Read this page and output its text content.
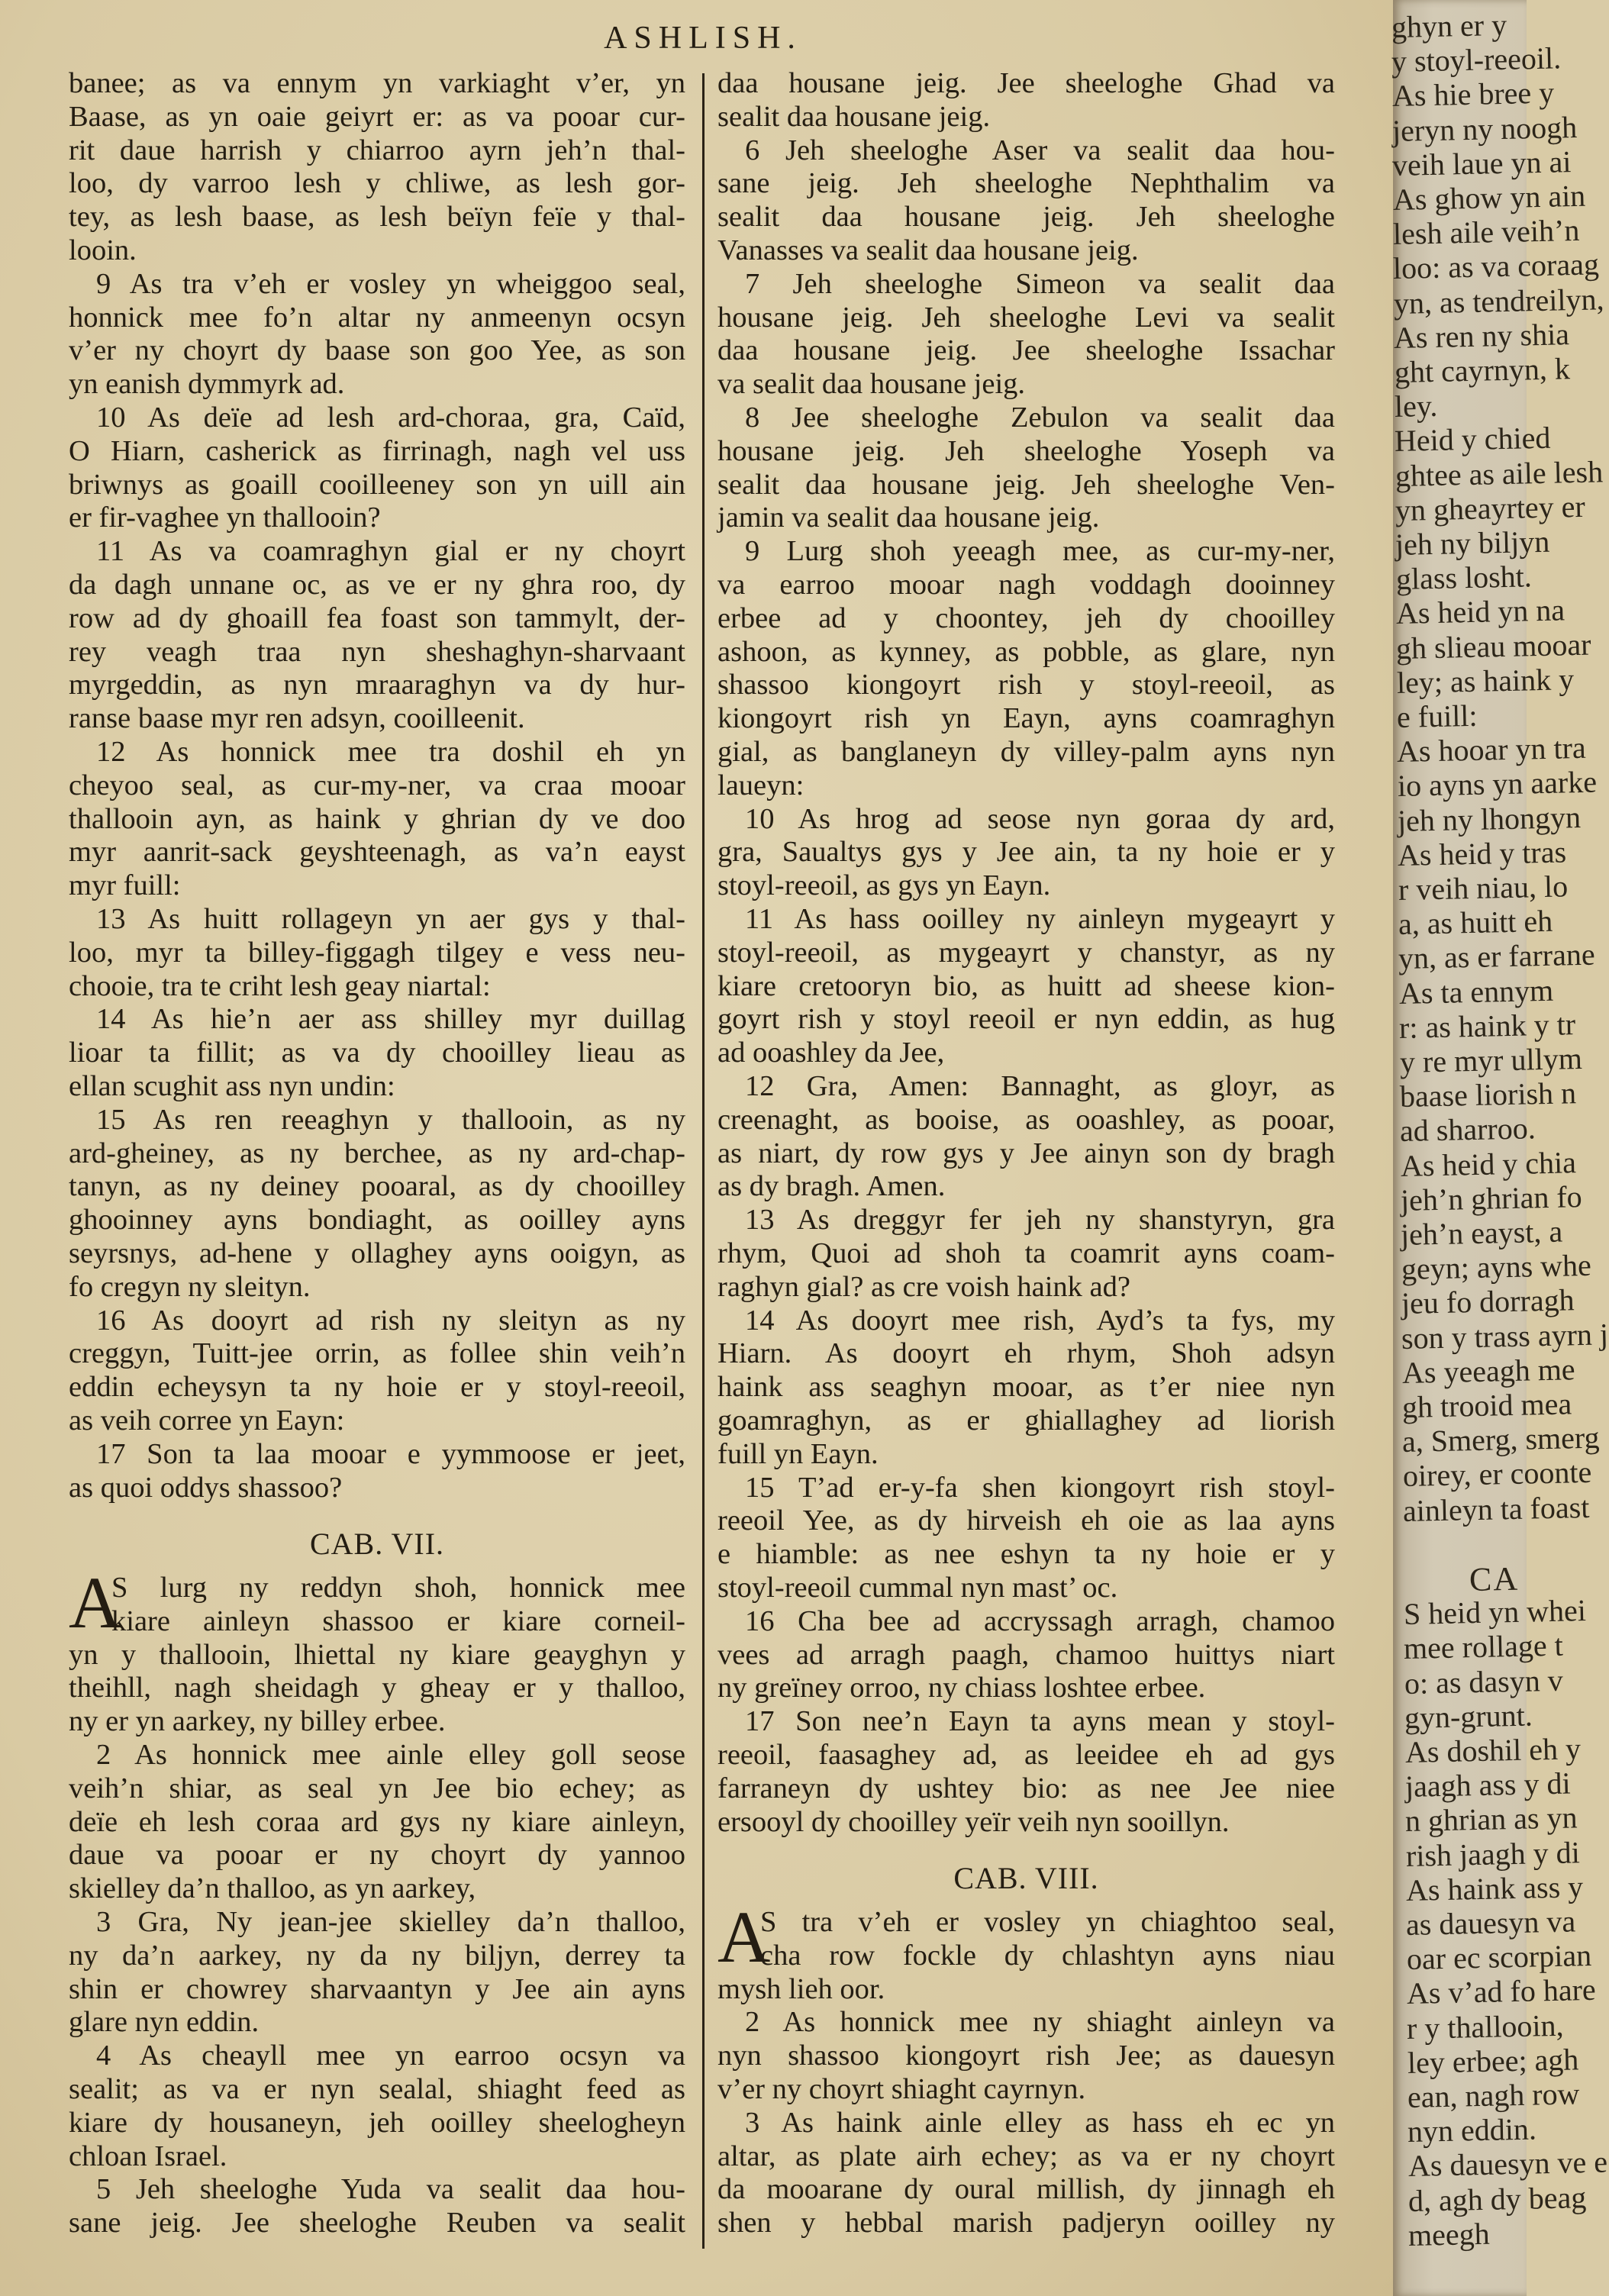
ASHLISH.
banee; as va ennym yn varkiaght v’er, yn
Baase, as yn oaie geiyrt er: as va pooar cur-
rit daue harrish y chiarroo ayrn jeh’n thal-
loo, dy varroo lesh y chliwe, as lesh gor-
tey, as lesh baase, as lesh beïyn feïe y thal-
looin.
9 As tra v’eh er vosley yn wheiggoo seal,
honnick mee fo’n altar ny anmeenyn ocsyn
v’er ny choyrt dy baase son goo Yee, as son
yn eanish dymmyrk ad.
10 As deïe ad lesh ard-choraa, gra, Caïd,
O Hiarn, casherick as firrinagh, nagh vel uss
briwnys as goaill cooilleeney son yn uill ain
er fir-vaghee yn thallooin?
11 As va coamraghyn gial er ny choyrt
da dagh unnane oc, as ve er ny ghra roo, dy
row ad dy ghoaill fea foast son tammylt, der-
rey veagh traa nyn sheshaghyn-sharvaant
myrgeddin, as nyn mraaraghyn va dy hur-
ranse baase myr ren adsyn, cooilleenit.
12 As honnick mee tra doshil eh yn
cheyoo seal, as cur-my-ner, va craa mooar
thallooin ayn, as haink y ghrian dy ve doo
myr aanrit-sack geyshteenagh, as va’n eayst
myr fuill:
13 As huitt rollageyn yn aer gys y thal-
loo, myr ta billey-figgagh tilgey e vess neu-
chooie, tra te criht lesh geay niartal:
14 As hie’n aer ass shilley myr duillag
lioar ta fillit; as va dy chooilley lieau as
ellan scughit ass nyn undin:
15 As ren reeaghyn y thallooin, as ny
ard-gheiney, as ny berchee, as ny ard-chap-
tanyn, as ny deiney pooaral, as dy chooilley
ghooinney ayns bondiaght, as ooilley ayns
seyrsnys, ad-hene y ollaghey ayns ooigyn, as
fo cregyn ny sleityn.
16 As dooyrt ad rish ny sleityn as ny
creggyn, Tuitt-jee orrin, as follee shin veih’n
eddin echeysyn ta ny hoie er y stoyl-reeoil,
as veih corree yn Eayn:
17 Son ta laa mooar e yymmoose er jeet,
as quoi oddys shassoo?
CAB. VII.
A
S lurg ny reddyn shoh, honnick mee
kiare ainleyn shassoo er kiare corneil-
yn y thallooin, lhiettal ny kiare geayghyn y
theihll, nagh sheidagh y gheay er y thalloo,
ny er yn aarkey, ny billey erbee.
2 As honnick mee ainle elley goll seose
veih’n shiar, as seal yn Jee bio echey; as
deïe eh lesh coraa ard gys ny kiare ainleyn,
daue va pooar er ny choyrt dy yannoo
skielley da’n thalloo, as yn aarkey,
3 Gra, Ny jean-jee skielley da’n thalloo,
ny da’n aarkey, ny da ny biljyn, derrey ta
shin er chowrey sharvaantyn y Jee ain ayns
glare nyn eddin.
4 As cheayll mee yn earroo ocsyn va
sealit; as va er nyn sealal, shiaght feed as
kiare dy housaneyn, jeh ooilley sheelogheyn
chloan Israel.
5 Jeh sheeloghe Yuda va sealit daa hou-
sane jeig. Jee sheeloghe Reuben va sealit
daa housane jeig. Jee sheeloghe Ghad va
sealit daa housane jeig.
6 Jeh sheeloghe Aser va sealit daa hou-
sane jeig. Jeh sheeloghe Nephthalim va
sealit daa housane jeig. Jeh sheeloghe
Vanasses va sealit daa housane jeig.
7 Jeh sheeloghe Simeon va sealit daa
housane jeig. Jeh sheeloghe Levi va sealit
daa housane jeig. Jee sheeloghe Issachar
va sealit daa housane jeig.
8 Jee sheeloghe Zebulon va sealit daa
housane jeig. Jeh sheeloghe Yoseph va
sealit daa housane jeig. Jeh sheeloghe Ven-
jamin va sealit daa housane jeig.
9 Lurg shoh yeeagh mee, as cur-my-ner,
va earroo mooar nagh voddagh dooinney
erbee ad y choontey, jeh dy chooilley
ashoon, as kynney, as pobble, as glare, nyn
shassoo kiongoyrt rish y stoyl-reeoil, as
kiongoyrt rish yn Eayn, ayns coamraghyn
gial, as banglaneyn dy villey-palm ayns nyn
laueyn:
10 As hrog ad seose nyn goraa dy ard,
gra, Saualtys gys y Jee ain, ta ny hoie er y
stoyl-reeoil, as gys yn Eayn.
11 As hass ooilley ny ainleyn mygeayrt y
stoyl-reeoil, as mygeayrt y chanstyr, as ny
kiare cretooryn bio, as huitt ad sheese kion-
goyrt rish y stoyl reeoil er nyn eddin, as hug
ad ooashley da Jee,
12 Gra, Amen: Bannaght, as gloyr, as
creenaght, as booise, as ooashley, as pooar,
as niart, dy row gys y Jee ainyn son dy bragh
as dy bragh. Amen.
13 As dreggyr fer jeh ny shanstyryn, gra
rhym, Quoi ad shoh ta coamrit ayns coam-
raghyn gial? as cre voish haink ad?
14 As dooyrt mee rish, Ayd’s ta fys, my
Hiarn. As dooyrt eh rhym, Shoh adsyn
haink ass seaghyn mooar, as t’er niee nyn
goamraghyn, as er ghiallaghey ad liorish
fuill yn Eayn.
15 T’ad er-y-fa shen kiongoyrt rish stoyl-
reeoil Yee, as dy hirveish eh oie as laa ayns
e hiamble: as nee eshyn ta ny hoie er y
stoyl-reeoil cummal nyn mast’ oc.
16 Cha bee ad accryssagh arragh, chamoo
vees ad arragh paagh, chamoo huittys niart
ny greïney orroo, ny chiass loshtee erbee.
17 Son nee’n Eayn ta ayns mean y stoyl-
reeoil, faasaghey ad, as leeidee eh ad gys
farraneyn dy ushtey bio: as nee Jee niee
ersooyl dy chooilley yeïr veih nyn sooillyn.
CAB. VIII.
A
S tra v’eh er vosley yn chiaghtoo seal,
cha row fockle dy chlashtyn ayns niau
mysh lieh oor.
2 As honnick mee ny shiaght ainleyn va
nyn shassoo kiongoyrt rish Jee; as dauesyn
v’er ny choyrt shiaght cayrnyn.
3 As haink ainle elley as hass eh ec yn
altar, as plate airh echey; as va er ny choyrt
da mooarane dy oural millish, dy jinnagh eh
shen y hebbal marish padjeryn ooilley ny
ghyn er y
y stoyl-reeoil.
As hie bree y
jeryn ny noogh
veih laue yn ai
As ghow yn ain
lesh aile veih’n
loo: as va coraag
yn, as tendreilyn,
As ren ny shia
ght cayrnyn, k
ley.
Heid y chied
ghtee as aile lesh
yn gheayrtey er
jeh ny biljyn
glass losht.
As heid yn na
gh slieau mooar
ley; as haink y
e fuill:
As hooar yn tra
io ayns yn aarke
jeh ny lhongyn
As heid y tras
r veih niau, lo
a, as huitt eh
yn, as er farrane
As ta ennym
r: as haink y tr
y re myr ullym
baase liorish n
ad sharroo.
As heid y chia
jeh’n ghrian fo
jeh’n eayst, a
geyn; ayns whe
jeu fo dorragh
son y trass ayrn j
As yeeagh me
gh trooid mea
a, Smerg, smerg
oirey, er coonte
ainleyn ta foast
CA
S heid yn whei
mee rollage t
o: as dasyn v
gyn-grunt.
As doshil eh y
jaagh ass y di
n ghrian as yn
rish jaagh y di
As haink ass y
as dauesyn va
oar ec scorpian
As v’ad fo hare
r y thallooin,
ley erbee; agh
ean, nagh row
nyn eddin.
As dauesyn ve e
d, agh dy beag
meegh
